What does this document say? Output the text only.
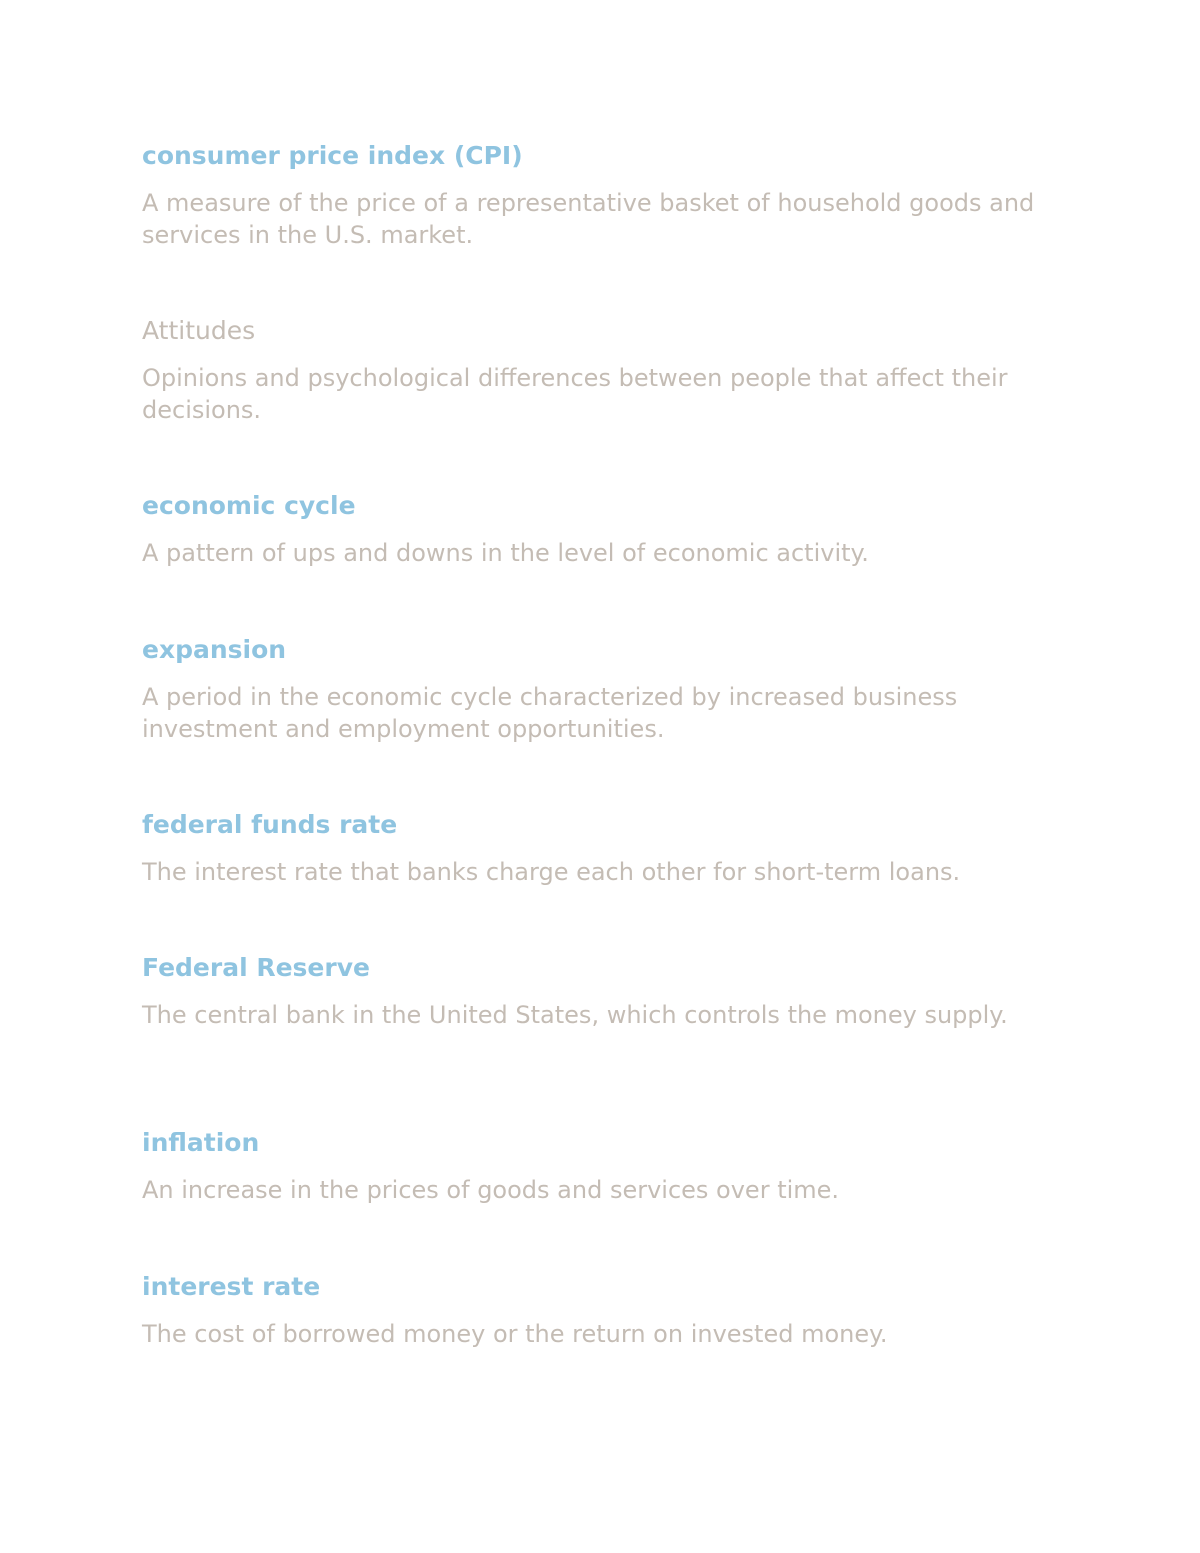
consumer price index (CPI)
A measure of the price of a representative basket of household goods and services in the U.S. market.
Attitudes
Opinions and psychological differences between people that affect their decisions.
economic cycle
A pattern of ups and downs in the level of economic activity.
expansion
A period in the economic cycle characterized by increased business investment and employment opportunities.
federal funds rate
The interest rate that banks charge each other for short-term loans.
Federal Reserve
The central bank in the United States, which controls the money supply.
inflation
An increase in the prices of goods and services over time.
interest rate
The cost of borrowed money or the return on invested money.
